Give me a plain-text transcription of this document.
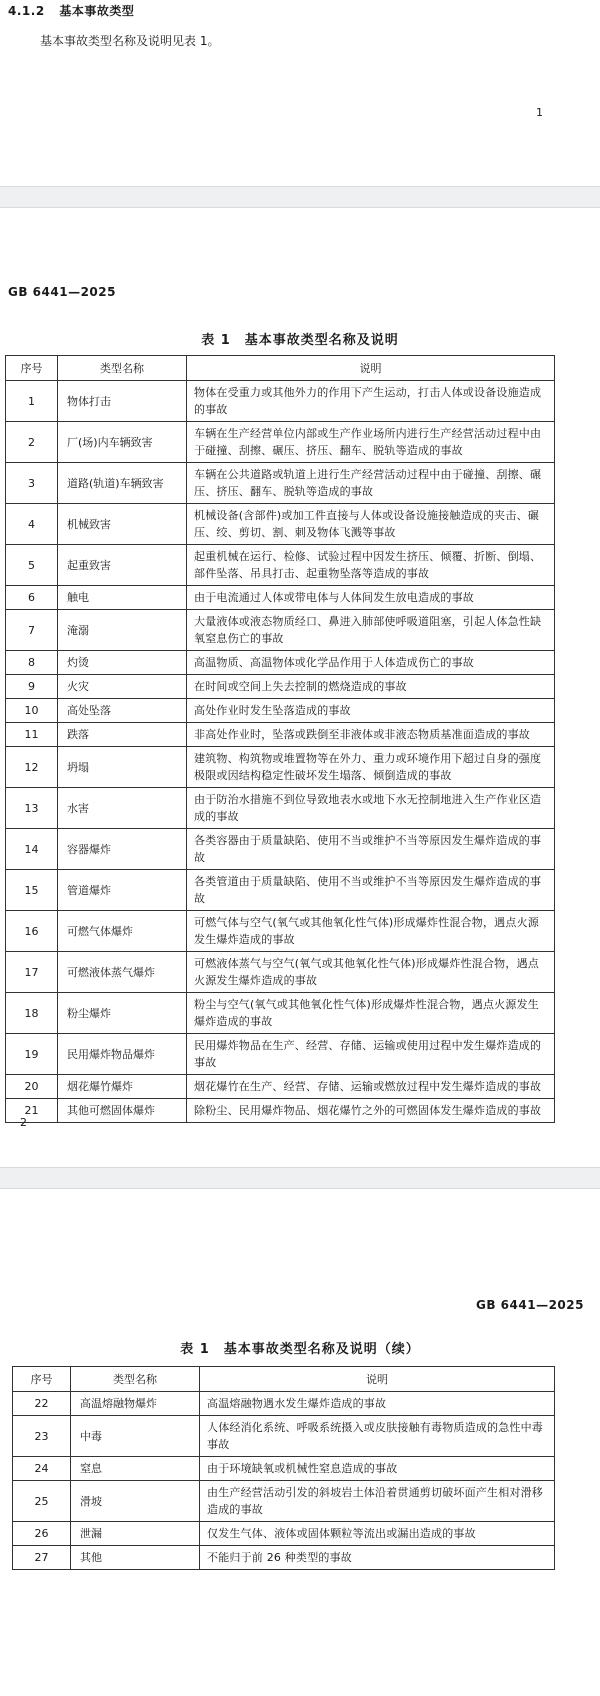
4.1.2 基本事故类型
基本事故类型名称及说明见表 1。
1
GB 6441—2025
表 1　基本事故类型名称及说明
序号	类型名称	说明
1	物体打击	物体在受重力或其他外力的作用下产生运动，打击人体或设备设施造成的事故
2	厂(场)内车辆致害	车辆在生产经营单位内部或生产作业场所内进行生产经营活动过程中由于碰撞、刮擦、碾压、挤压、翻车、脱轨等造成的事故
3	道路(轨道)车辆致害	车辆在公共道路或轨道上进行生产经营活动过程中由于碰撞、刮擦、碾压、挤压、翻车、脱轨等造成的事故
4	机械致害	机械设备(含部件)或加工件直接与人体或设备设施接触造成的夹击、碾压、绞、剪切、割、刺及物体飞溅等事故
5	起重致害	起重机械在运行、检修、试验过程中因发生挤压、倾覆、折断、倒塌、部件坠落、吊具打击、起重物坠落等造成的事故
6	触电	由于电流通过人体或带电体与人体间发生放电造成的事故
7	淹溺	大量液体或液态物质经口、鼻进入肺部使呼吸道阻塞，引起人体急性缺氧窒息伤亡的事故
8	灼烫	高温物质、高温物体或化学品作用于人体造成伤亡的事故
9	火灾	在时间或空间上失去控制的燃烧造成的事故
10	高处坠落	高处作业时发生坠落造成的事故
11	跌落	非高处作业时，坠落或跌倒至非液体或非液态物质基准面造成的事故
12	坍塌	建筑物、构筑物或堆置物等在外力、重力或环境作用下超过自身的强度极限或因结构稳定性破坏发生塌落、倾倒造成的事故
13	水害	由于防治水措施不到位导致地表水或地下水无控制地进入生产作业区造成的事故
14	容器爆炸	各类容器由于质量缺陷、使用不当或维护不当等原因发生爆炸造成的事故
15	管道爆炸	各类管道由于质量缺陷、使用不当或维护不当等原因发生爆炸造成的事故
16	可燃气体爆炸	可燃气体与空气(氧气或其他氧化性气体)形成爆炸性混合物，遇点火源发生爆炸造成的事故
17	可燃液体蒸气爆炸	可燃液体蒸气与空气(氧气或其他氧化性气体)形成爆炸性混合物，遇点火源发生爆炸造成的事故
18	粉尘爆炸	粉尘与空气(氧气或其他氧化性气体)形成爆炸性混合物，遇点火源发生爆炸造成的事故
19	民用爆炸物品爆炸	民用爆炸物品在生产、经营、存储、运输或使用过程中发生爆炸造成的事故
20	烟花爆竹爆炸	烟花爆竹在生产、经营、存储、运输或燃放过程中发生爆炸造成的事故
21	其他可燃固体爆炸	除粉尘、民用爆炸物品、烟花爆竹之外的可燃固体发生爆炸造成的事故
2
GB 6441—2025
表 1　基本事故类型名称及说明（续）
序号	类型名称	说明
22	高温熔融物爆炸	高温熔融物遇水发生爆炸造成的事故
23	中毒	人体经消化系统、呼吸系统摄入或皮肤接触有毒物质造成的急性中毒事故
24	窒息	由于环境缺氧或机械性窒息造成的事故
25	滑坡	由生产经营活动引发的斜坡岩土体沿着贯通剪切破坏面产生相对滑移造成的事故
26	泄漏	仅发生气体、液体或固体颗粒等流出或漏出造成的事故
27	其他	不能归于前 26 种类型的事故
